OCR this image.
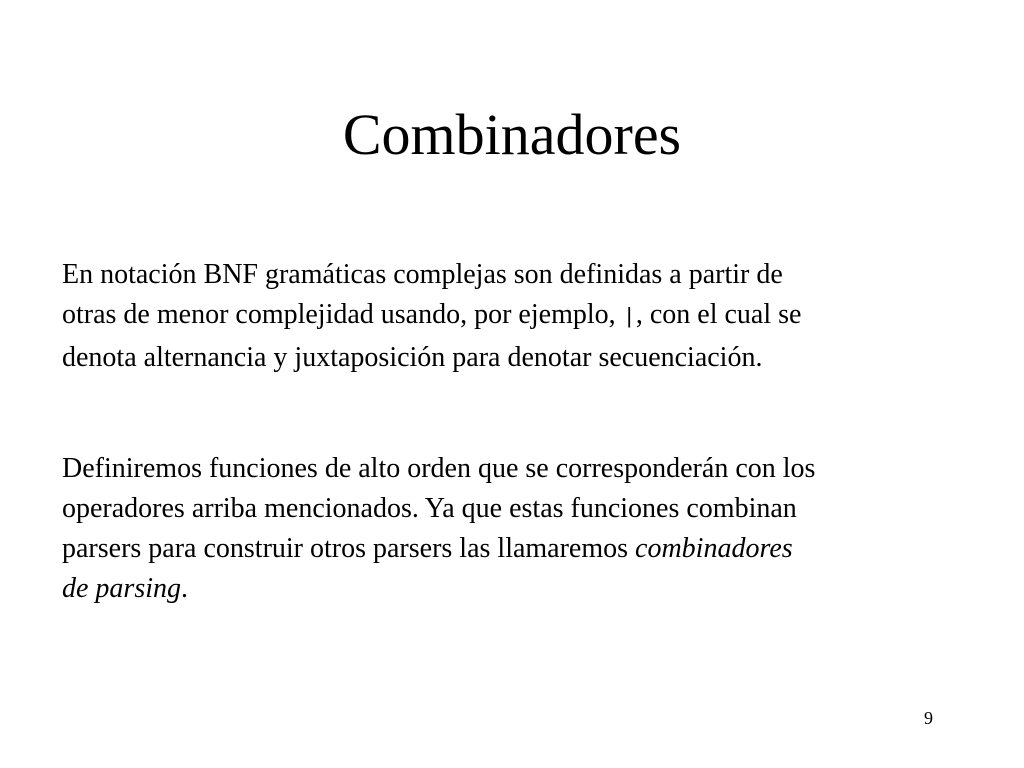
Combinadores

En notación BNF gramáticas complejas son definidas a partir de
otras de menor complejidad usando, por ejemplo, |, con el cual se
denota alternancia y juxtaposición para denotar secuenciación.

Definiremos funciones de alto orden que se corresponderán con los
operadores arriba mencionados. Ya que estas funciones combinan
parsers para construir otros parsers las llamaremos combinadores
de parsing.

9
